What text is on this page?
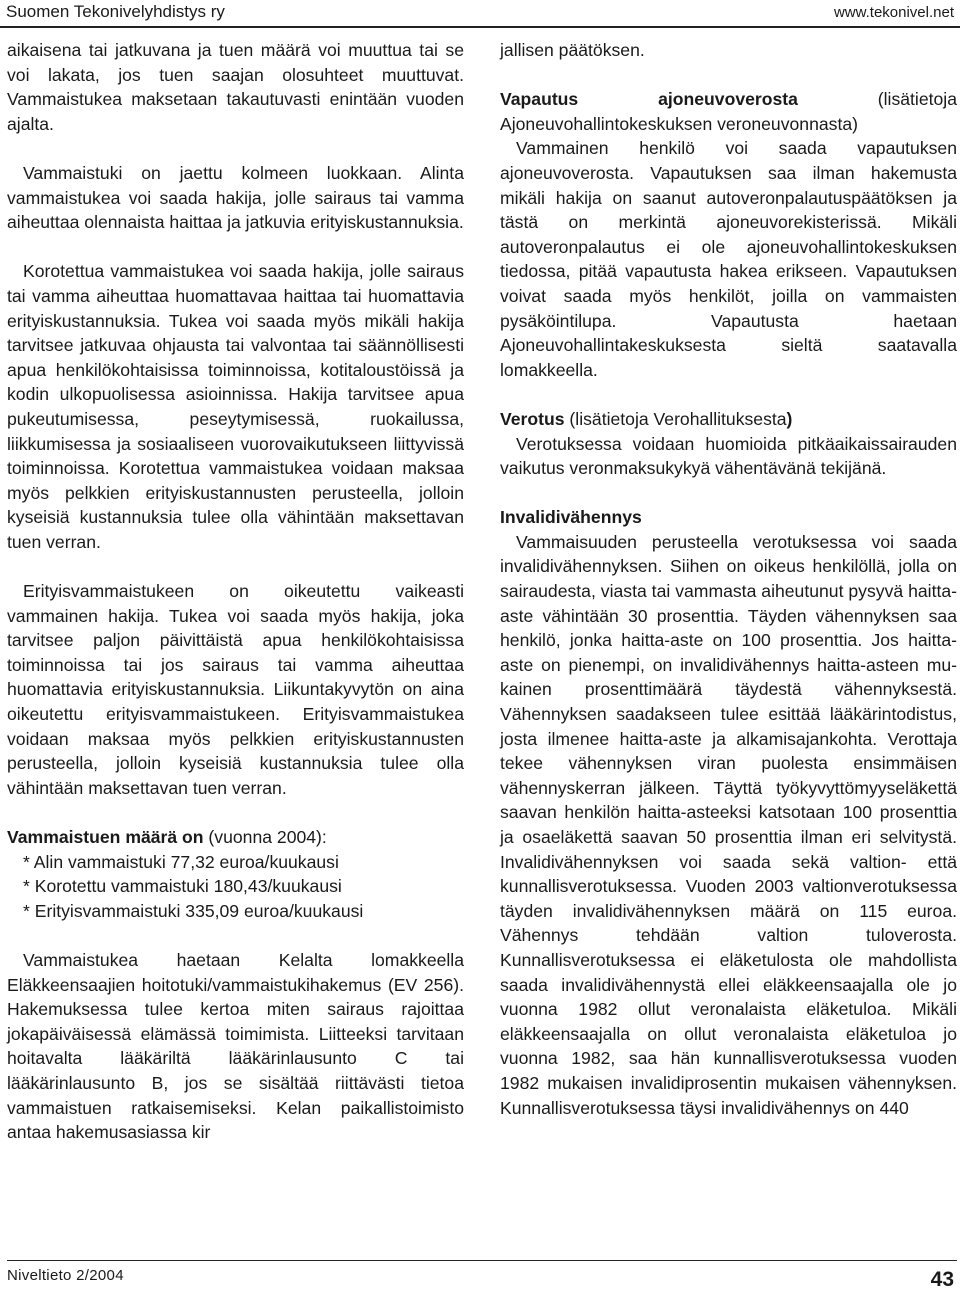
Suomen Tekonivelyhdistys ry	www.tekonivel.net

aikaisena tai jatkuvana ja tuen määrä voi muuttua tai se voi lakata, jos tuen saajan olosuhteet muuttuvat. Vammaistukea maksetaan takautuvasti enintään vuoden ajalta.

Vammaistuki on jaettu kolmeen luokkaan. Alinta vammaistukea voi saada hakija, jolle sairaus tai vamma aiheuttaa olennaista haittaa ja jatkuvia erityiskustannuksia.

Korotettua vammaistukea voi saada hakija, jolle sairaus tai vamma aiheuttaa huomattavaa haittaa tai huomattavia erityiskustannuksia. Tukea voi saada myös mikäli hakija tarvitsee jatkuvaa ohjausta tai valvontaa tai säännöllisesti apua henkilökohtaisissa toiminnoissa, kotitaloustöissä ja kodin ulkopuolisessa asioinnissa. Hakija tarvitsee apua pukeutumisessa, peseytymisessä, ruokailussa, liikkumisessa ja sosiaaliseen vuorovaikutukseen liittyvissä toiminnoissa. Korotettua vammaistukea voidaan maksaa myös pelkkien erityiskustannusten perusteella, jolloin kyseisiä kustannuksia tulee olla vähintään maksettavan tuen verran.

Erityisvammaistukeen on oikeutettu vaikeasti vammainen hakija. Tukea voi saada myös hakija, joka tarvitsee paljon päivittäistä apua henkilökohtaisissa toiminnoissa tai jos sairaus tai vamma aiheuttaa huomattavia erityiskustannuksia. Liikuntakyvytön on aina oikeutettu erityisvammaistukeen. Erityisvammaistukea voidaan maksaa myös pelkkien erityiskustannusten perusteella, jolloin kyseisiä kustannuksia tulee olla vähintään maksettavan tuen verran.

Vammaistuen määrä on (vuonna 2004):

* Alin vammaistuki 77,32 euroa/kuukausi
* Korotettu vammaistuki 180,43/kuukausi
* Erityisvammaistuki 335,09 euroa/kuukausi

Vammaistukea haetaan Kelalta lomakkeella Eläkkeensaajien hoitotuki/vammaistukihakemus (EV 256). Hakemuksessa tulee kertoa miten sairaus rajoittaa jokapäiväisessä elämässä toimimista. Liitteeksi tarvitaan hoitavalta lääkäriltä lääkärinlausunto C tai lääkärinlausunto B, jos se sisältää riittävästi tietoa vammaistuen ratkaisemiseksi. Kelan paikallistoimisto antaa hakemusasiassa kir

jallisen päätöksen.

Vapautus ajoneuvoverosta (lisätietoja Ajoneuvohallintokeskuksen veroneuvonnasta)
Vammainen henkilö voi saada vapautuksen ajoneuvoverosta. Vapautuksen saa ilman hakemusta mikäli hakija on saanut autoveronpalautuspäätöksen ja tästä on merkintä ajoneuvorekisterissä. Mikäli autoveronpalautus ei ole ajoneuvohallintokeskuksen tiedossa, pitää vapautusta hakea erikseen. Vapautuksen voivat saada myös henkilöt, joilla on vammaisten pysäköintilupa. Vapautusta haetaan Ajoneuvohallintakeskuksesta sieltä saatavalla lomakkeella.

Verotus (lisätietoja Verohallituksesta)
Verotuksessa voidaan huomioida pitkäaikaissairauden vaikutus veronmaksukykyä vähentävänä tekijänä.

Invalidivähennys
Vammaisuuden perusteella verotuksessa voi saada invalidivähennyksen. Siihen on oikeus henkilöllä, jolla on sairaudesta, viasta tai vammasta aiheutunut pysyvä haitta-aste vähintään 30 prosenttia. Täyden vähennyksen saa henkilö, jonka haitta-aste on 100 prosenttia. Jos haitta-aste on pienempi, on invalidivähennys haitta-asteen mukainen prosenttimäärä täydestä vähennyksestä. Vähennyksen saadakseen tulee esittää lääkärintodistus, josta ilmenee haitta-aste ja alkamisajankohta. Verottaja tekee vähennyksen viran puolesta ensimmäisen vähennyskerran jälkeen. Täyttä työkyvyttömyyseläkettä saavan henkilön haitta-asteeksi katsotaan 100 prosenttia ja osaeläkettä saavan 50 prosenttia ilman eri selvitystä. Invalidivähennyksen voi saada sekä valtion- että kunnallisverotuksessa. Vuoden 2003 valtionverotuksessa täyden invalidivähennyksen määrä on 115 euroa. Vähennys tehdään valtion tuloverosta. Kunnallisverotuksessa ei eläketulosta ole mahdollista saada invalidivähennystä ellei eläkkeensaajalla ole jo vuonna 1982 ollut veronalaista eläketuloa. Mikäli eläkkeensaajalla on ollut veronalaista eläketuloa jo vuonna 1982, saa hän kunnallisverotuksessa vuoden 1982 mukaisen invalidiprosentin mukaisen vähennyksen. Kunnallisverotuksessa täysi invalidivähennys on 440

Niveltieto 2/2004	43
